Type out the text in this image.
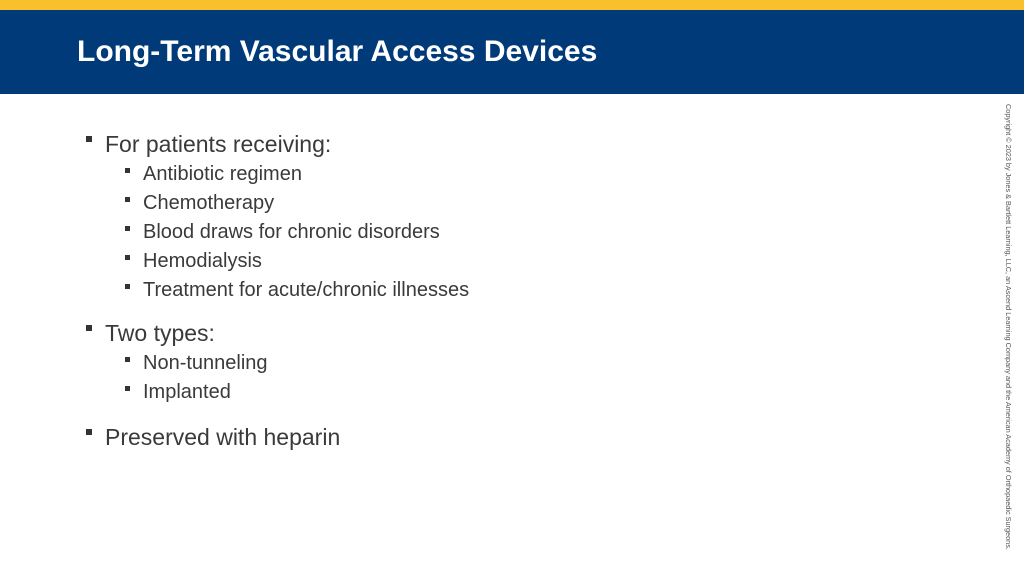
Long-Term Vascular Access Devices
For patients receiving:
Antibiotic regimen
Chemotherapy
Blood draws for chronic disorders
Hemodialysis
Treatment for acute/chronic illnesses
Two types:
Non-tunneling
Implanted
Preserved with heparin	Copyright © 2023 by Jones & Bartlett Learning, LLC, an Ascend Learning Company and the American Academy of Orthopaedic Surgeons.
